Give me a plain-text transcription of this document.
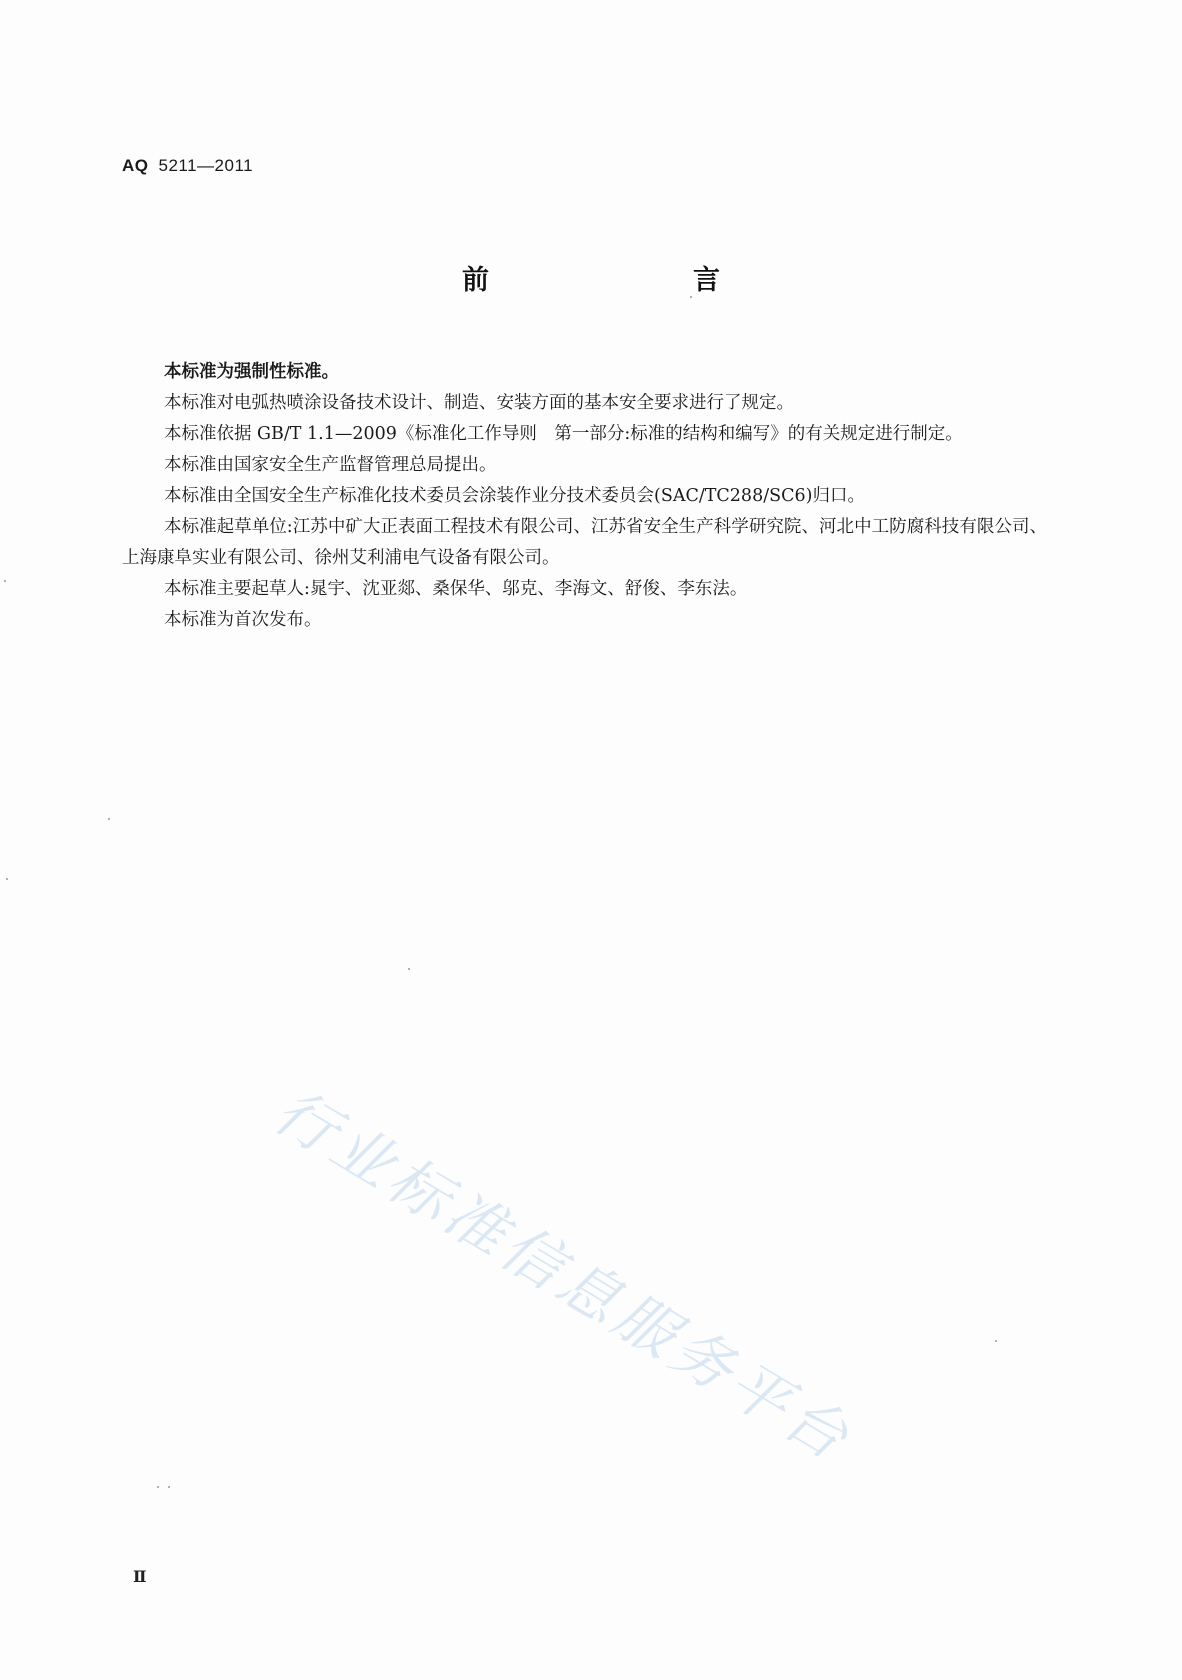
AQ 5211—2011
前　　言

本标准为强制性标准。

本标准对电弧热喷涂设备技术设计、制造、安装方面的基本安全要求进行了规定。

本标准依据 GB/T 1.1—2009《标准化工作导则　第一部分:标准的结构和编写》的有关规定进行制定。

本标准由国家安全生产监督管理总局提出。

本标准由全国安全生产标准化技术委员会涂装作业分技术委员会(SAC/TC288/SC6)归口。

本标准起草单位:江苏中矿大正表面工程技术有限公司、江苏省安全生产科学研究院、河北中工防腐科技有限公司、上海康阜实业有限公司、徐州艾利浦电气设备有限公司。

本标准主要起草人:晁宇、沈亚郯、桑保华、邬克、李海文、舒俊、李东法。

本标准为首次发布。

行业标准信息服务平台
Ⅱ
